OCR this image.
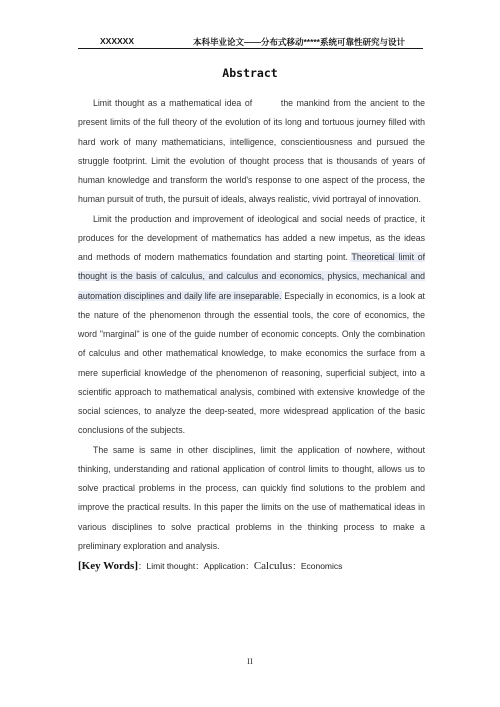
XXXXXX	本科毕业论文——分布式移动*****系统可靠性研究与设计
Abstract

Limit thought as a mathematical idea of        the mankind from the ancient to the present limits of the full theory of the evolution of its long and tortuous journey filled with hard work of many mathematicians, intelligence, conscientiousness and pursued the struggle footprint. Limit the evolution of thought process that is thousands of years of human knowledge and transform the world's response to one aspect of the process, the human pursuit of truth, the pursuit of ideals, always realistic, vivid portrayal of innovation.

Limit the production and improvement of ideological and social needs of practice, it produces for the development of mathematics has added a new impetus, as the ideas and methods of modern mathematics foundation and starting point. Theoretical limit of thought is the basis of calculus, and calculus and economics, physics, mechanical and automation disciplines and daily life are inseparable. Especially in economics, is a look at the nature of the phenomenon through the essential tools, the core of economics, the word "marginal" is one of the guide number of economic concepts. Only the combination of calculus and other mathematical knowledge, to make economics the surface from a mere superficial knowledge of the phenomenon of reasoning, superficial subject, into a scientific approach to mathematical analysis, combined with extensive knowledge of the social sciences, to analyze the deep-seated, more widespread application of the basic conclusions of the subjects.

The same is same in other disciplines, limit the application of nowhere, without thinking, understanding and rational application of control limits to thought, allows us to solve practical problems in the process, can quickly find solutions to the problem and improve the practical results. In this paper the limits on the use of mathematical ideas in various disciplines to solve practical problems in the thinking process to make a preliminary exploration and analysis.

[Key Words]：Limit thought：Application：Calculus：Economics
II
